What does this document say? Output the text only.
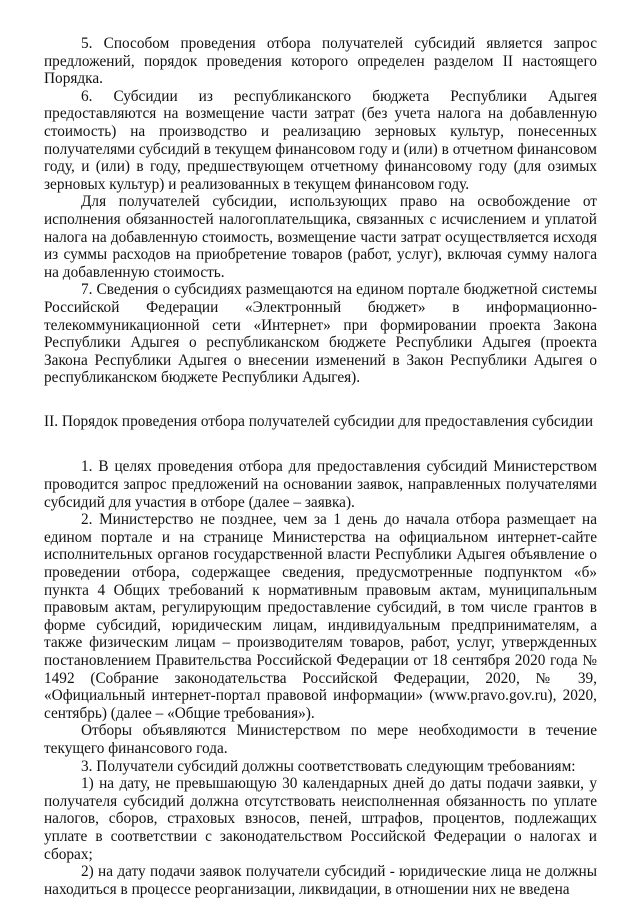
5. Способом проведения отбора получателей субсидий является запрос предложений, порядок проведения которого определен разделом II настоящего Порядка.

6. Субсидии из республиканского бюджета Республики Адыгея предоставляются на возмещение части затрат (без учета налога на добавленную стоимость) на производство и реализацию зерновых культур, понесенных получателями субсидий в текущем финансовом году и (или) в отчетном финансовом году, и (или) в году, предшествующем отчетному финансовому году (для озимых зерновых культур) и реализованных в текущем финансовом году.

Для получателей субсидии, использующих право на освобождение от исполнения обязанностей налогоплательщика, связанных с исчислением и уплатой налога на добавленную стоимость, возмещение части затрат осуществляется исходя из суммы расходов на приобретение товаров (работ, услуг), включая сумму налога на добавленную стоимость.

7. Сведения о субсидиях размещаются на едином портале бюджетной системы Российской Федерации «Электронный бюджет» в информационно-телекоммуникационной сети «Интернет» при формировании проекта Закона Республики Адыгея о республиканском бюджете Республики Адыгея (проекта Закона Республики Адыгея о внесении изменений в Закон Республики Адыгея о республиканском бюджете Республики Адыгея).

II. Порядок проведения отбора получателей субсидии для предоставления субсидии

1. В целях проведения отбора для предоставления субсидий Министерством проводится запрос предложений на основании заявок, направленных получателями субсидий для участия в отборе (далее – заявка).

2. Министерство не позднее, чем за 1 день до начала отбора размещает на едином портале и на странице Министерства на официальном интернет-сайте исполнительных органов государственной власти Республики Адыгея объявление о проведении отбора, содержащее сведения, предусмотренные подпунктом «б» пункта 4 Общих требований к нормативным правовым актам, муниципальным правовым актам, регулирующим предоставление субсидий, в том числе грантов в форме субсидий, юридическим лицам, индивидуальным предпринимателям, а также физическим лицам – производителям товаров, работ, услуг, утвержденных постановлением Правительства Российской Федерации от 18 сентября 2020 года № 1492 (Собрание законодательства Российской Федерации, 2020, № 39, «Официальный интернет-портал правовой информации» (www.pravo.gov.ru), 2020, сентябрь) (далее – «Общие требования»).

Отборы объявляются Министерством по мере необходимости в течение текущего финансового года.

3. Получатели субсидий должны соответствовать следующим требованиям:

1) на дату, не превышающую 30 календарных дней до даты подачи заявки, у получателя субсидий должна отсутствовать неисполненная обязанность по уплате налогов, сборов, страховых взносов, пеней, штрафов, процентов, подлежащих уплате в соответствии с законодательством Российской Федерации о налогах и сборах;

2) на дату подачи заявок получатели субсидий - юридические лица не должны находиться в процессе реорганизации, ликвидации, в отношении них не введена
